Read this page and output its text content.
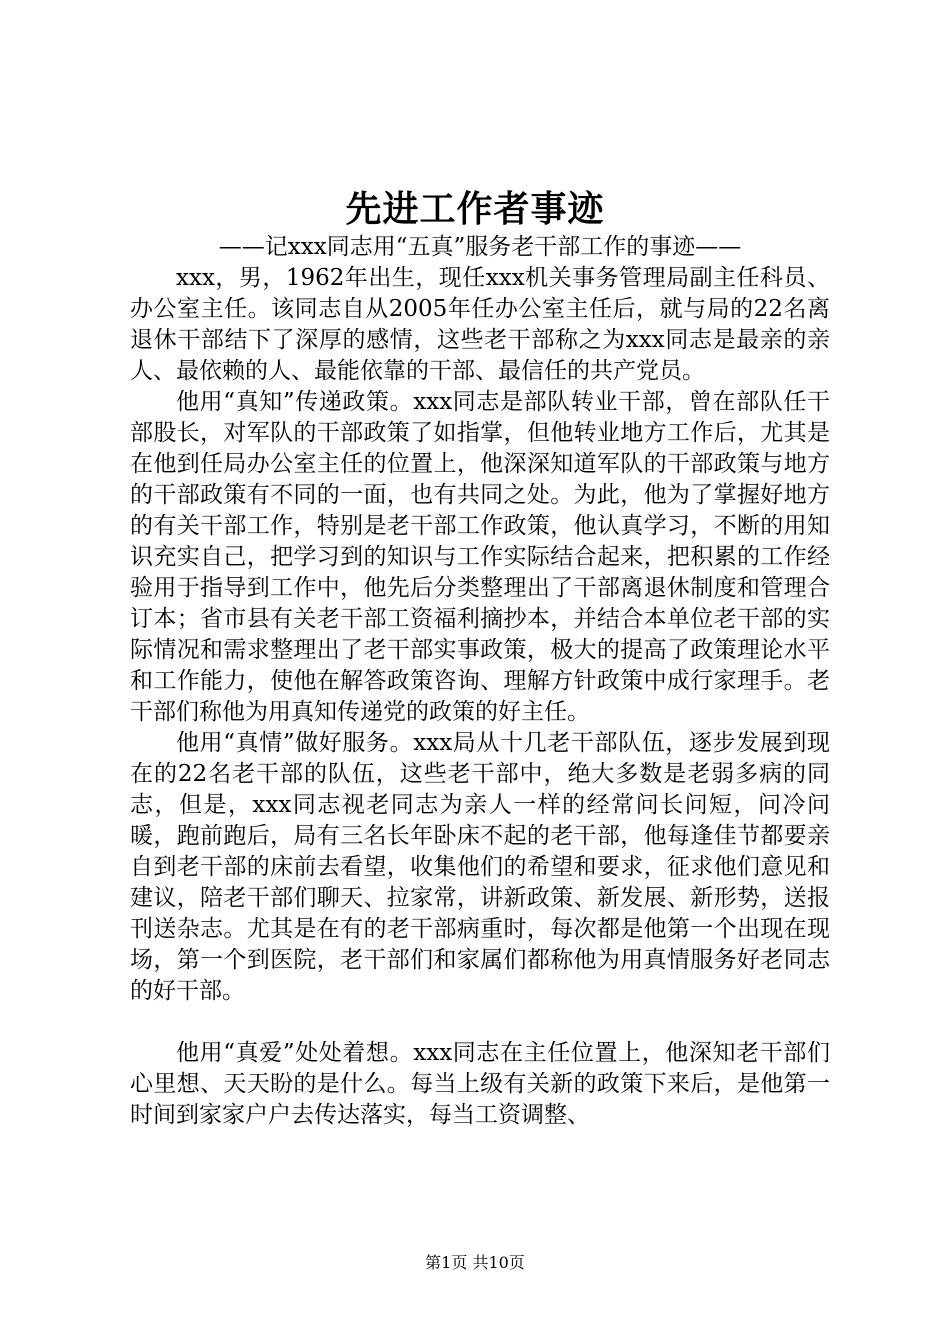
先进工作者事迹

——记xxx同志用“五真”服务老干部工作的事迹——

xxx，男，1962年出生，现任xxx机关事务管理局副主任科员、办公室主任。该同志自从2005年任办公室主任后，就与局的22名离退休干部结下了深厚的感情，这些老干部称之为xxx同志是最亲的亲人、最依赖的人、最能依靠的干部、最信任的共产党员。

他用“真知”传递政策。xxx同志是部队转业干部，曾在部队任干部股长，对军队的干部政策了如指掌，但他转业地方工作后，尤其是在他到任局办公室主任的位置上，他深深知道军队的干部政策与地方的干部政策有不同的一面，也有共同之处。为此，他为了掌握好地方的有关干部工作，特别是老干部工作政策，他认真学习，不断的用知识充实自己，把学习到的知识与工作实际结合起来，把积累的工作经验用于指导到工作中，他先后分类整理出了干部离退休制度和管理合订本；省市县有关老干部工资福利摘抄本，并结合本单位老干部的实际情况和需求整理出了老干部实事政策，极大的提高了政策理论水平和工作能力，使他在解答政策咨询、理解方针政策中成行家理手。老干部们称他为用真知传递党的政策的好主任。

他用“真情”做好服务。xxx局从十几老干部队伍，逐步发展到现在的22名老干部的队伍，这些老干部中，绝大多数是老弱多病的同志，但是，xxx同志视老同志为亲人一样的经常问长问短，问冷问暖，跑前跑后，局有三名长年卧床不起的老干部，他每逢佳节都要亲自到老干部的床前去看望，收集他们的希望和要求，征求他们意见和建议，陪老干部们聊天、拉家常，讲新政策、新发展、新形势，送报刊送杂志。尤其是在有的老干部病重时，每次都是他第一个出现在现场，第一个到医院，老干部们和家属们都称他为用真情服务好老同志的好干部。

他用“真爱”处处着想。xxx同志在主任位置上，他深知老干部们心里想、天天盼的是什么。每当上级有关新的政策下来后，是他第一时间到家家户户去传达落实，每当工资调整、

第1页 共10页
